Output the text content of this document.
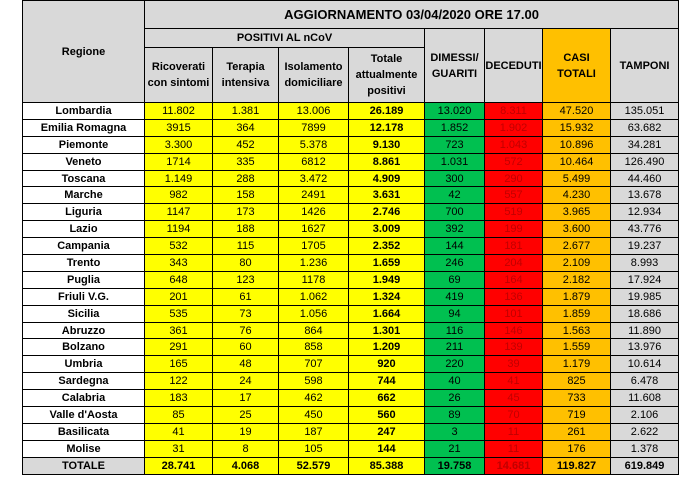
Regione	AGGIORNAMENTO 03/04/2020 ORE 17.00							
	POSITIVI AL nCoV				DIMESSI/ GUARITI	DECEDUTI	CASI TOTALI	TAMPONI
	Ricoverati con sintomi	Terapia intensiva	Isolamento domiciliare	Totale attualmente positivi				
Lombardia	11.802	1.381	13.006	26.189	13.020	8.311	47.520	135.051
Emilia Romagna	3915	364	7899	12.178	1.852	1.902	15.932	63.682
Piemonte	3.300	452	5.378	9.130	723	1.043	10.896	34.281
Veneto	1714	335	6812	8.861	1.031	572	10.464	126.490
Toscana	1.149	288	3.472	4.909	300	290	5.499	44.460
Marche	982	158	2491	3.631	42	557	4.230	13.678
Liguria	1147	173	1426	2.746	700	519	3.965	12.934
Lazio	1194	188	1627	3.009	392	199	3.600	43.776
Campania	532	115	1705	2.352	144	181	2.677	19.237
Trento	343	80	1.236	1.659	246	204	2.109	8.993
Puglia	648	123	1178	1.949	69	164	2.182	17.924
Friuli V.G.	201	61	1.062	1.324	419	136	1.879	19.985
Sicilia	535	73	1.056	1.664	94	101	1.859	18.686
Abruzzo	361	76	864	1.301	116	146	1.563	11.890
Bolzano	291	60	858	1.209	211	139	1.559	13.976
Umbria	165	48	707	920	220	39	1.179	10.614
Sardegna	122	24	598	744	40	41	825	6.478
Calabria	183	17	462	662	26	45	733	11.608
Valle d'Aosta	85	25	450	560	89	70	719	2.106
Basilicata	41	19	187	247	3	11	261	2.622
Molise	31	8	105	144	21	11	176	1.378
TOTALE	28.741	4.068	52.579	85.388	19.758	14.681	119.827	619.849
